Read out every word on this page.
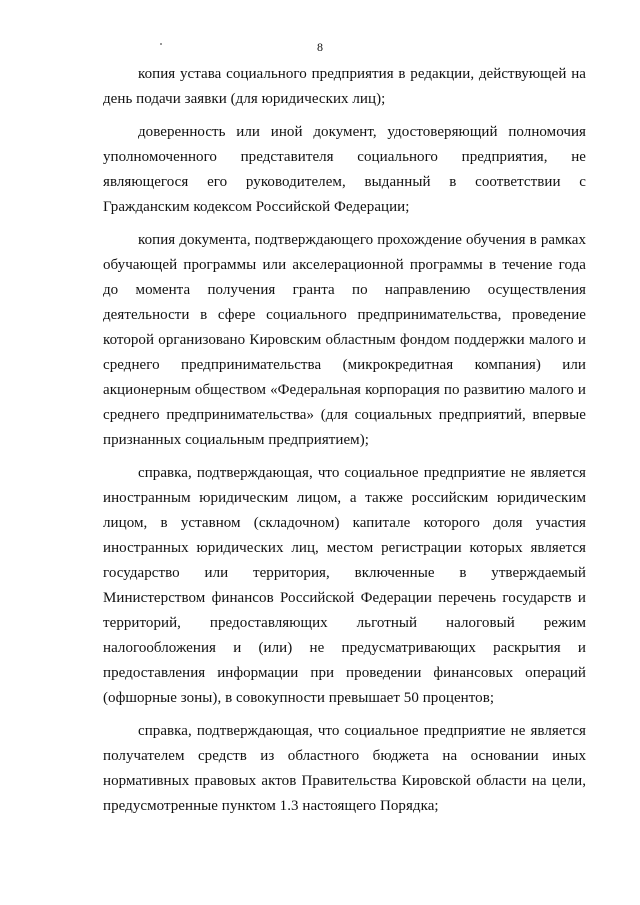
8

копия устава социального предприятия в редакции, действующей на день подачи заявки (для юридических лиц);

доверенность или иной документ, удостоверяющий полномочия уполномоченного представителя социального предприятия, не являющегося его руководителем, выданный в соответствии с Гражданским кодексом Российской Федерации;

копия документа, подтверждающего прохождение обучения в рамках обучающей программы или акселерационной программы в течение года до момента получения гранта по направлению осуществления деятельности в сфере социального предпринимательства, проведение которой организовано Кировским областным фондом поддержки малого и среднего предпринимательства (микрокредитная компания) или акционерным обществом «Федеральная корпорация по развитию малого и среднего предпринимательства» (для социальных предприятий, впервые признанных социальным предприятием);

справка, подтверждающая, что социальное предприятие не является иностранным юридическим лицом, а также российским юридическим лицом, в уставном (складочном) капитале которого доля участия иностранных юридических лиц, местом регистрации которых является государство или территория, включенные в утверждаемый Министерством финансов Российской Федерации перечень государств и территорий, предоставляющих льготный налоговый режим налогообложения и (или) не предусматривающих раскрытия и предоставления информации при проведении финансовых операций (офшорные зоны), в совокупности превышает 50 процентов;

справка, подтверждающая, что социальное предприятие не является получателем средств из областного бюджета на основании иных нормативных правовых актов Правительства Кировской области на цели, предусмотренные пунктом 1.3 настоящего Порядка;
